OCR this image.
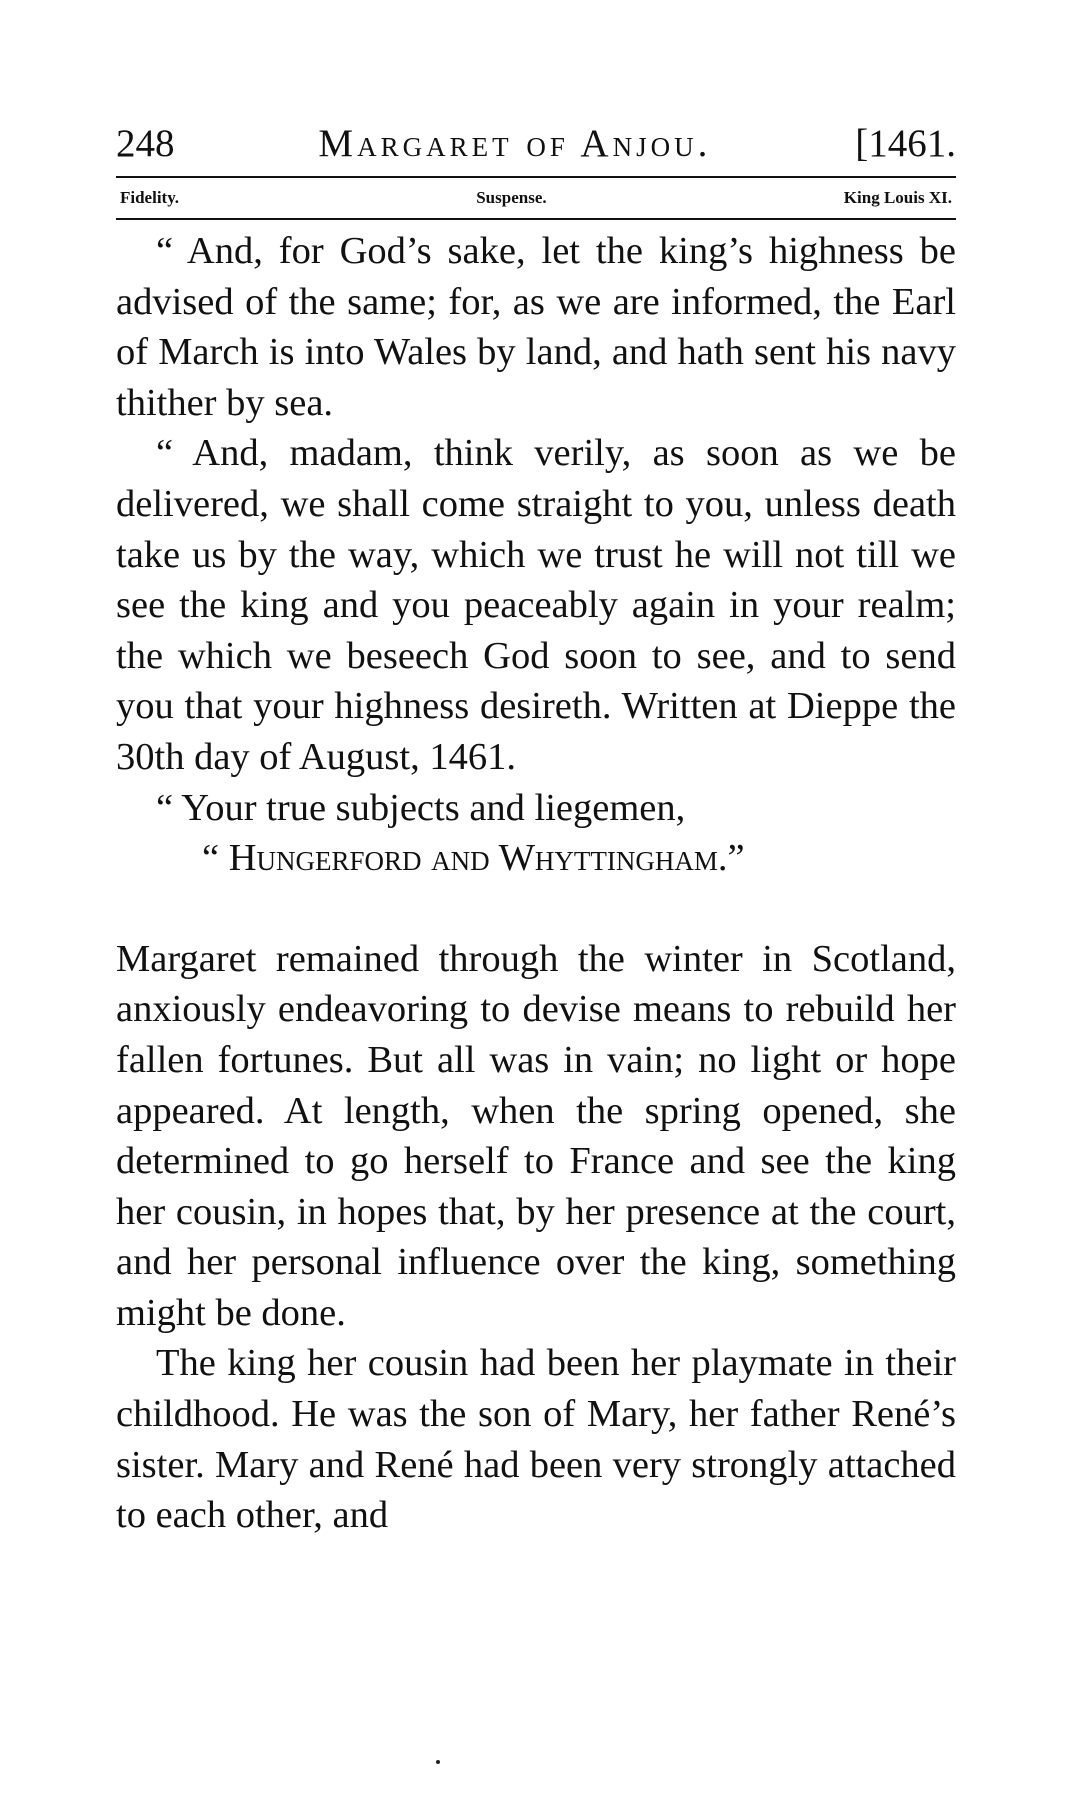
248	Margaret of Anjou.	[1461.
Fidelity.	Suspense.	King Louis XI.

“ And, for God’s sake, let the king’s highness be advised of the same; for, as we are informed, the Earl of March is into Wales by land, and hath sent his navy thither by sea.

“ And, madam, think verily, as soon as we be delivered, we shall come straight to you, unless death take us by the way, which we trust he will not till we see the king and you peaceably again in your realm; the which we beseech God soon to see, and to send you that your highness desireth. Written at Dieppe the 30th day of August, 1461.

“ Your true subjects and liegemen,

“ Hungerford and Whyttingham.”

Margaret remained through the winter in Scotland, anxiously endeavoring to devise means to rebuild her fallen fortunes. But all was in vain; no light or hope appeared. At length, when the spring opened, she determined to go herself to France and see the king her cousin, in hopes that, by her presence at the court, and her personal influence over the king, something might be done.

The king her cousin had been her playmate in their childhood. He was the son of Mary, her father René’s sister. Mary and René had been very strongly attached to each other, and
